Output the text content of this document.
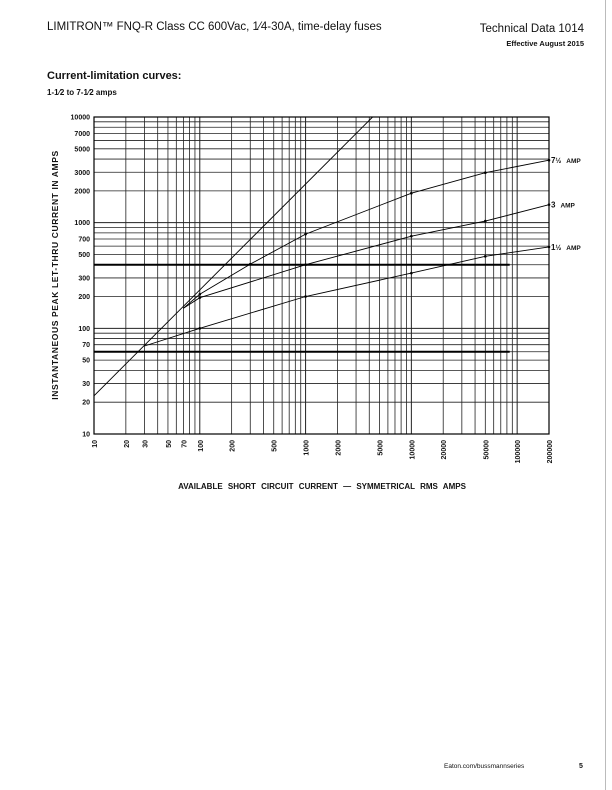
LIMITRON™ FNQ-R Class CC 600Vac, 1⁄4-30A, time-delay fuses	Technical Data 1014
Effective August 2015
Current-limitation curves:
1-1⁄2 to 7-1⁄2 amps
10	20 30 50 70 100	200	500	1000	2000	5000	10000	20000	50000	100000	200000
10
20
30
50
70
100
200
300
500
700
1000
2000
3000
5000
7000
10000
7½ AMP
3 AMP
1½ AMP
INSTANTANEOUS PEAK LET-THRU CURRENT IN AMPS
AVAILABLE SHORT CIRCUIT CURRENT — SYMMETRICAL RMS AMPS
Eaton.com/bussmannseries	5
